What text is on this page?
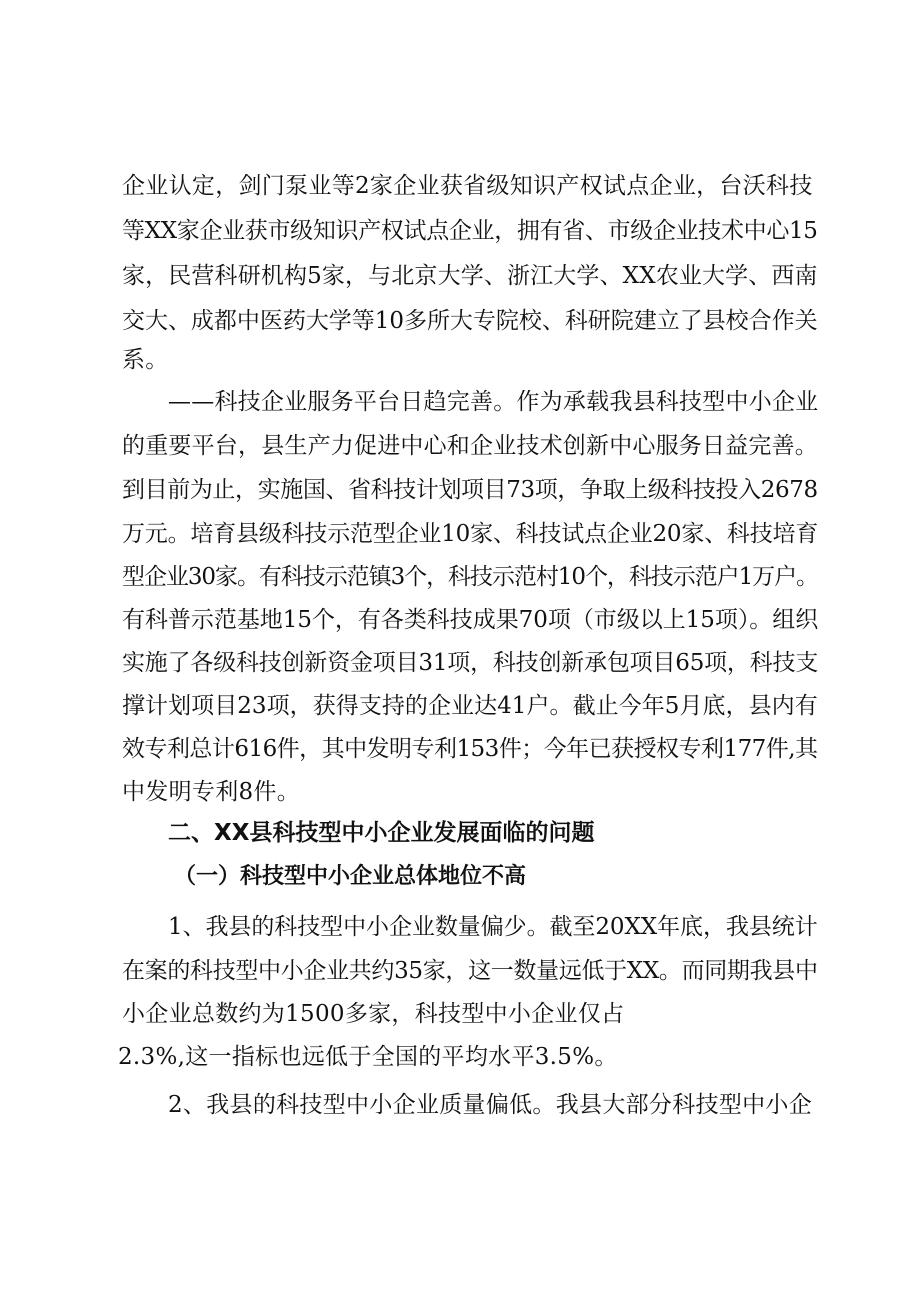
企业认定，剑门泵业等2家企业获省级知识产权试点企业，台沃科技
等XX家企业获市级知识产权试点企业，拥有省、市级企业技术中心15
家，民营科研机构5家，与北京大学、浙江大学、XX农业大学、西南
交大、成都中医药大学等10多所大专院校、科研院建立了县校合作关
系。
——科技企业服务平台日趋完善。作为承载我县科技型中小企业
的重要平台，县生产力促进中心和企业技术创新中心服务日益完善。
到目前为止，实施国、省科技计划项目73项，争取上级科技投入2678
万元。培育县级科技示范型企业10家、科技试点企业20家、科技培育
型企业30家。有科技示范镇3个，科技示范村10个，科技示范户1万户。
有科普示范基地15个，有各类科技成果70项（市级以上15项）。组织
实施了各级科技创新资金项目31项，科技创新承包项目65项，科技支
撑计划项目23项，获得支持的企业达41户。截止今年5月底，县内有
效专利总计616件，其中发明专利153件；今年已获授权专利177件,其
中发明专利8件。
二、XX县科技型中小企业发展面临的问题
（一）科技型中小企业总体地位不高
1、我县的科技型中小企业数量偏少。截至20XX年底，我县统计
在案的科技型中小企业共约35家，这一数量远低于XX。而同期我县中
小企业总数约为1500多家，科技型中小企业仅占
2.3%,这一指标也远低于全国的平均水平3.5%。
2、我县的科技型中小企业质量偏低。我县大部分科技型中小企
